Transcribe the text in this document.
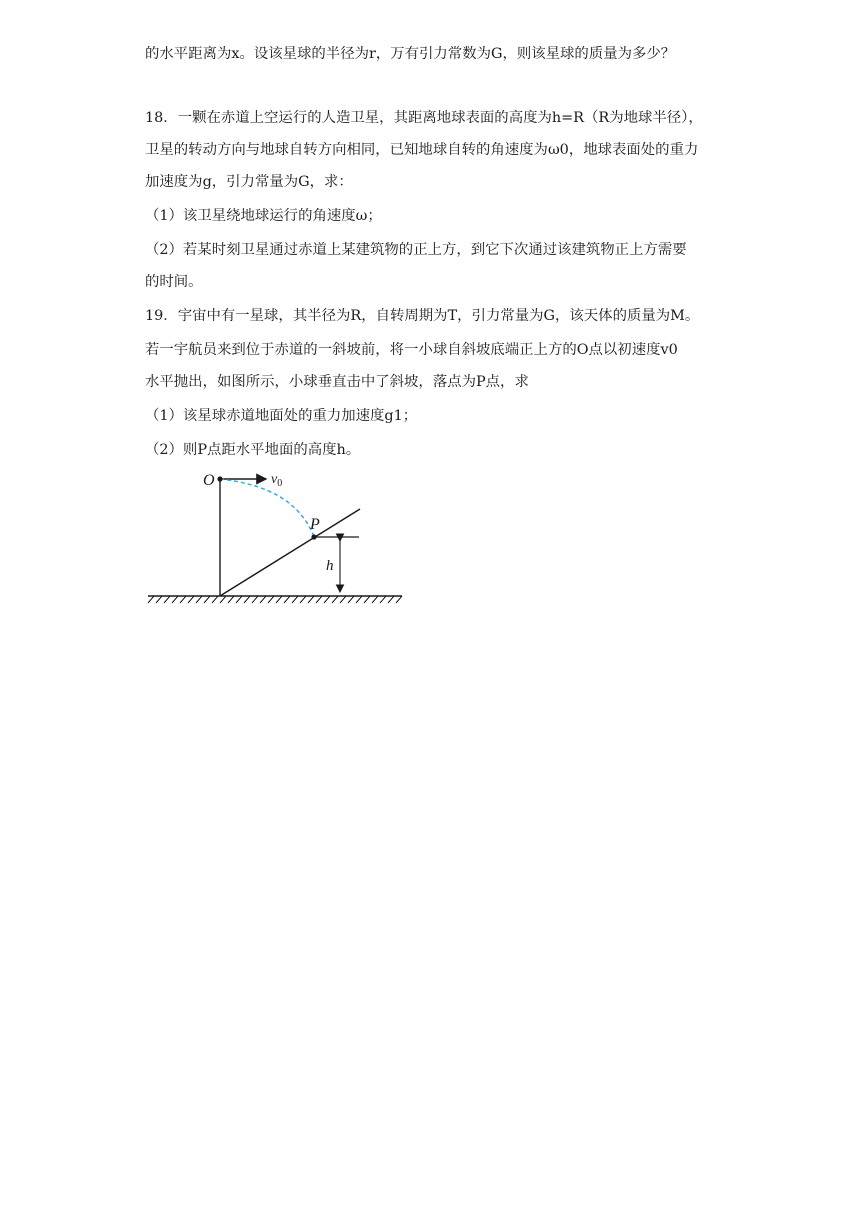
的水平距离为x。设该星球的半径为r，万有引力常数为G，则该星球的质量为多少？
18．一颗在赤道上空运行的人造卫星，其距离地球表面的高度为h=R（R为地球半径），
卫星的转动方向与地球自转方向相同，已知地球自转的角速度为ω0，地球表面处的重力
加速度为g，引力常量为G，求：
（1）该卫星绕地球运行的角速度ω；
（2）若某时刻卫星通过赤道上某建筑物的正上方，到它下次通过该建筑物正上方需要
的时间。
19．宇宙中有一星球，其半径为R，自转周期为T，引力常量为G，该天体的质量为M。
若一宇航员来到位于赤道的一斜坡前，将一小球自斜坡底端正上方的O点以初速度v0
水平抛出，如图所示，小球垂直击中了斜坡，落点为P点，求
（1）该星球赤道地面处的重力加速度g1；
（2）则P点距水平地面的高度h。
O	$v_0$
P
h
